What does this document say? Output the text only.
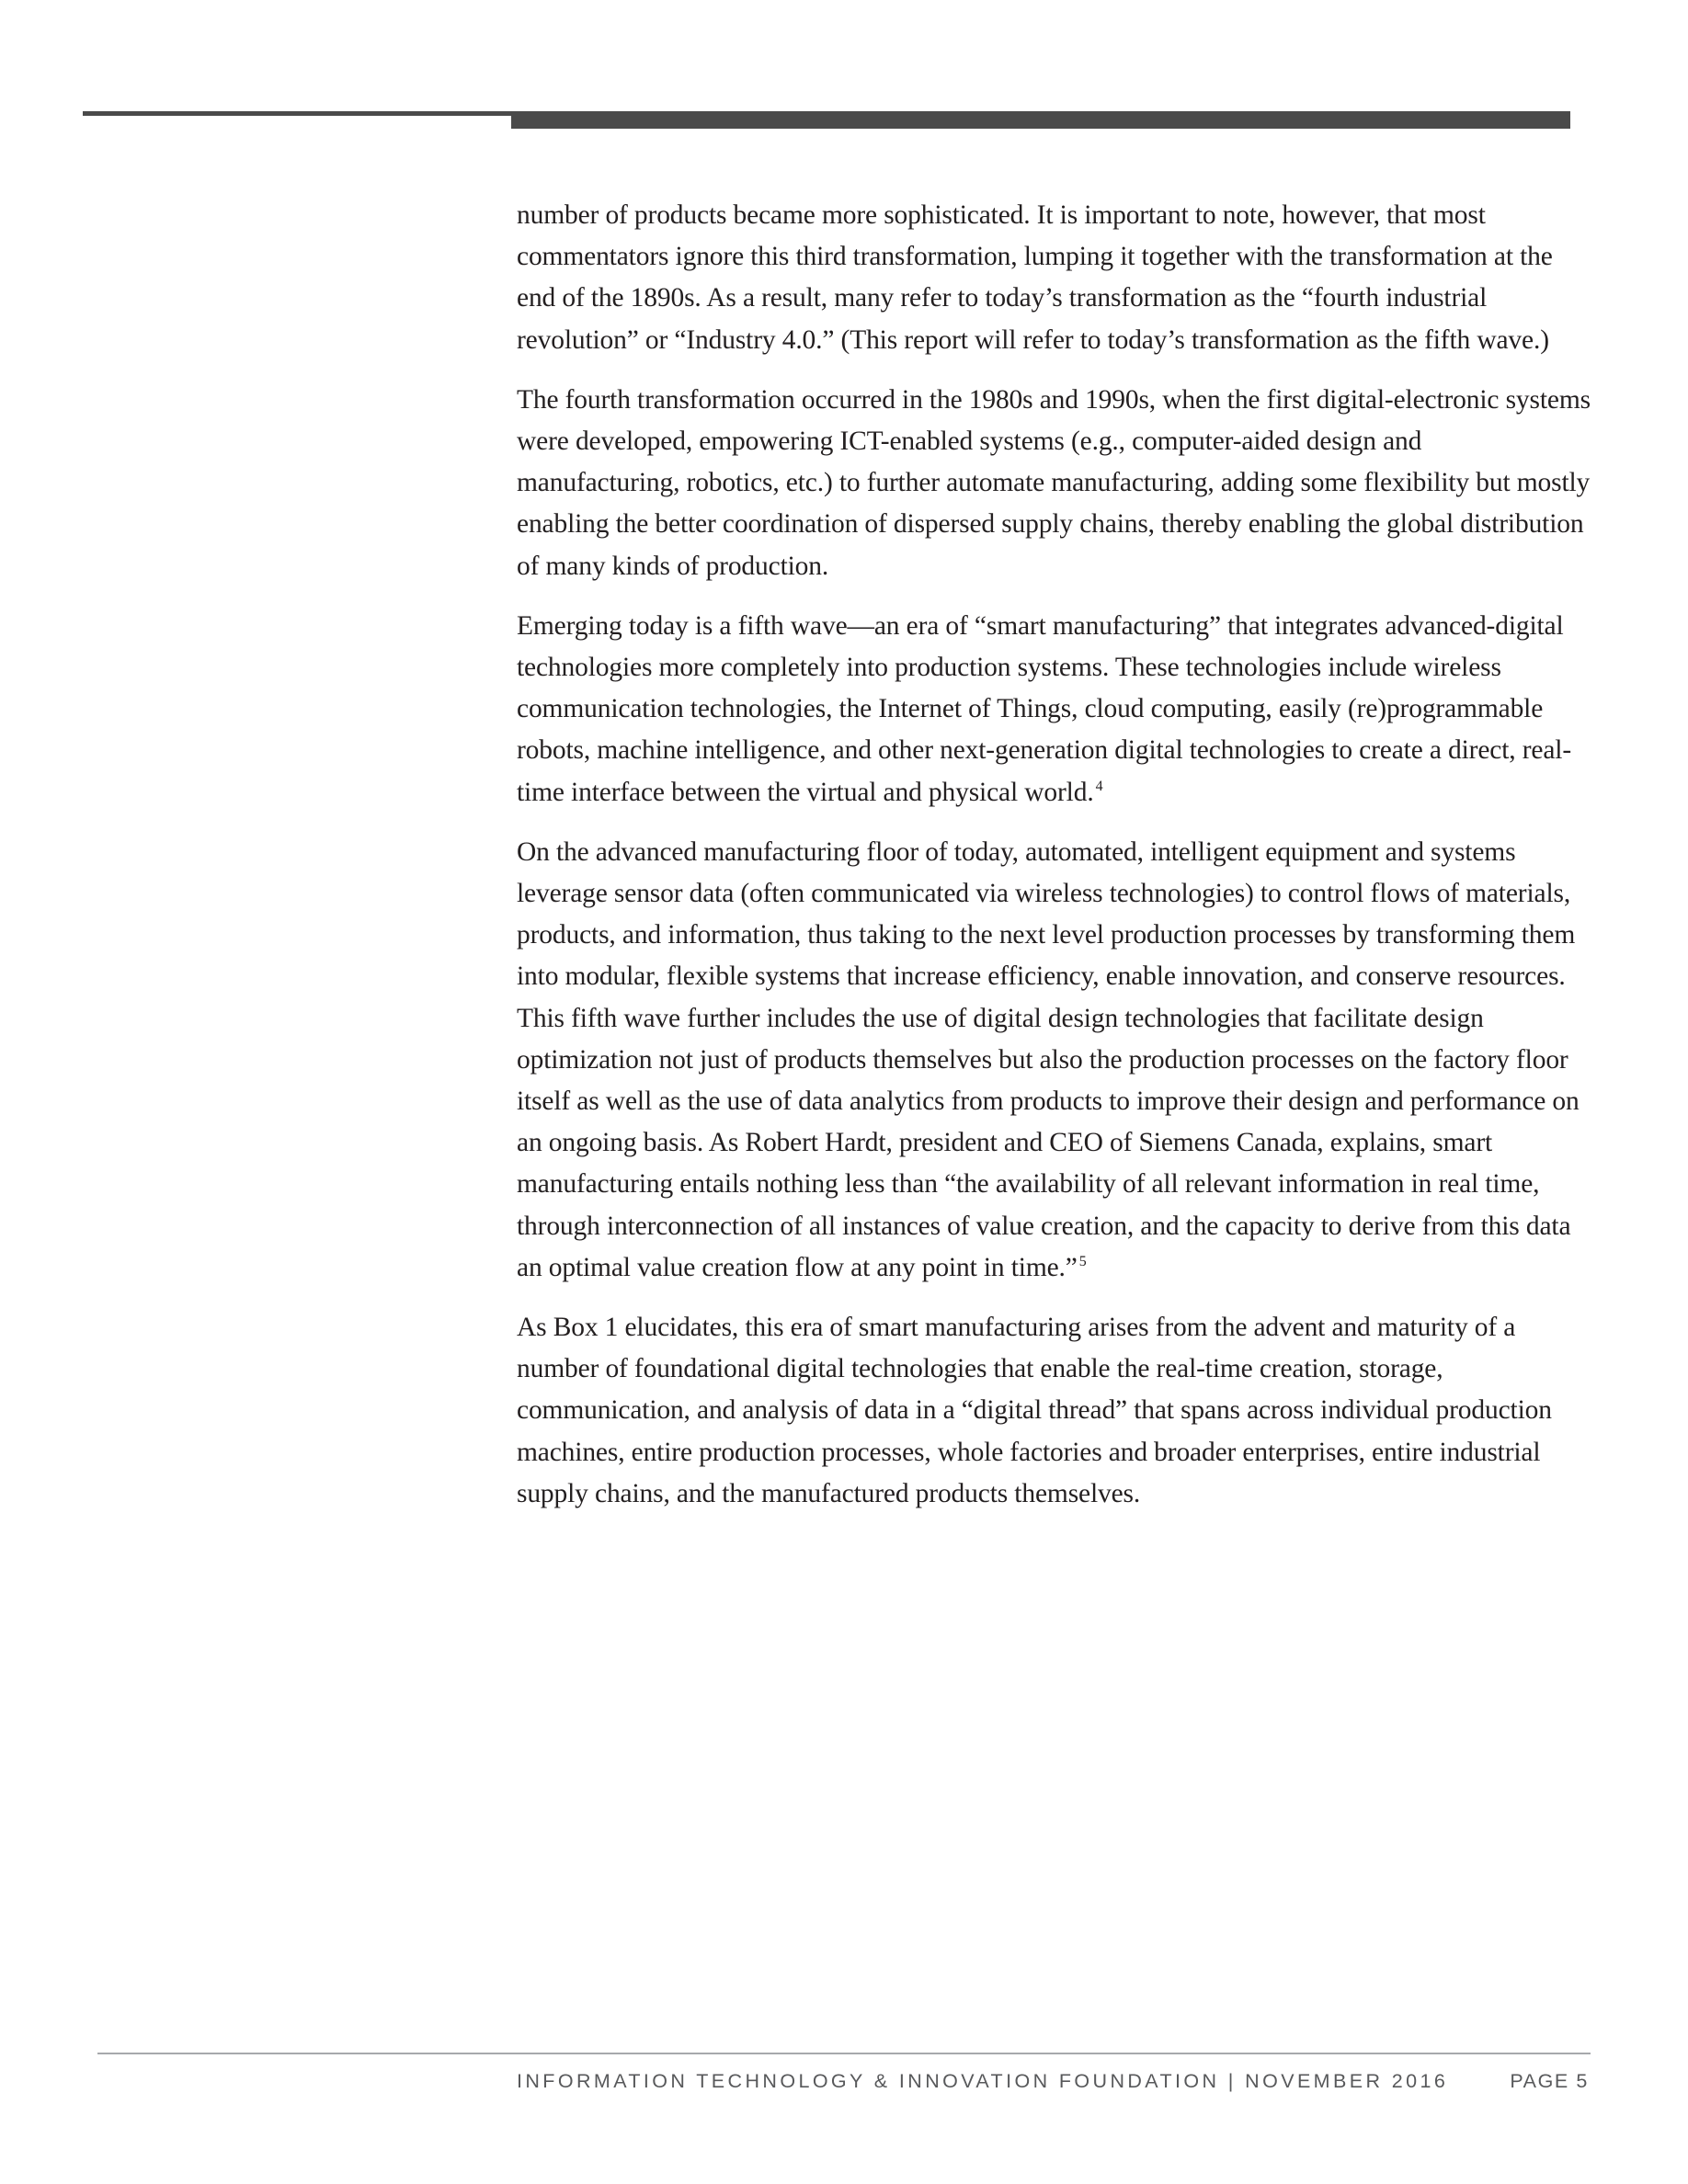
number of products became more sophisticated. It is important to note, however, that most commentators ignore this third transformation, lumping it together with the transformation at the end of the 1890s. As a result, many refer to today’s transformation as the “fourth industrial revolution” or “Industry 4.0.” (This report will refer to today’s transformation as the fifth wave.)

The fourth transformation occurred in the 1980s and 1990s, when the first digital-electronic systems were developed, empowering ICT-enabled systems (e.g., computer-aided design and manufacturing, robotics, etc.) to further automate manufacturing, adding some flexibility but mostly enabling the better coordination of dispersed supply chains, thereby enabling the global distribution of many kinds of production.

Emerging today is a fifth wave—an era of “smart manufacturing” that integrates advanced-digital technologies more completely into production systems. These technologies include wireless communication technologies, the Internet of Things, cloud computing, easily (re)programmable robots, machine intelligence, and other next-generation digital technologies to create a direct, real-time interface between the virtual and physical world. $^4$

On the advanced manufacturing floor of today, automated, intelligent equipment and systems leverage sensor data (often communicated via wireless technologies) to control flows of materials, products, and information, thus taking to the next level production processes by transforming them into modular, flexible systems that increase efficiency, enable innovation, and conserve resources. This fifth wave further includes the use of digital design technologies that facilitate design optimization not just of products themselves but also the production processes on the factory floor itself as well as the use of data analytics from products to improve their design and performance on an ongoing basis. As Robert Hardt, president and CEO of Siemens Canada, explains, smart manufacturing entails nothing less than “the availability of all relevant information in real time, through interconnection of all instances of value creation, and the capacity to derive from this data an optimal value creation flow at any point in time.” $^5$

As Box 1 elucidates, this era of smart manufacturing arises from the advent and maturity of a number of foundational digital technologies that enable the real-time creation, storage, communication, and analysis of data in a “digital thread” that spans across individual production machines, entire production processes, whole factories and broader enterprises, entire industrial supply chains, and the manufactured products themselves.

INFORMATION TECHNOLOGY & INNOVATION FOUNDATION | NOVEMBER 2016	PAGE 5
